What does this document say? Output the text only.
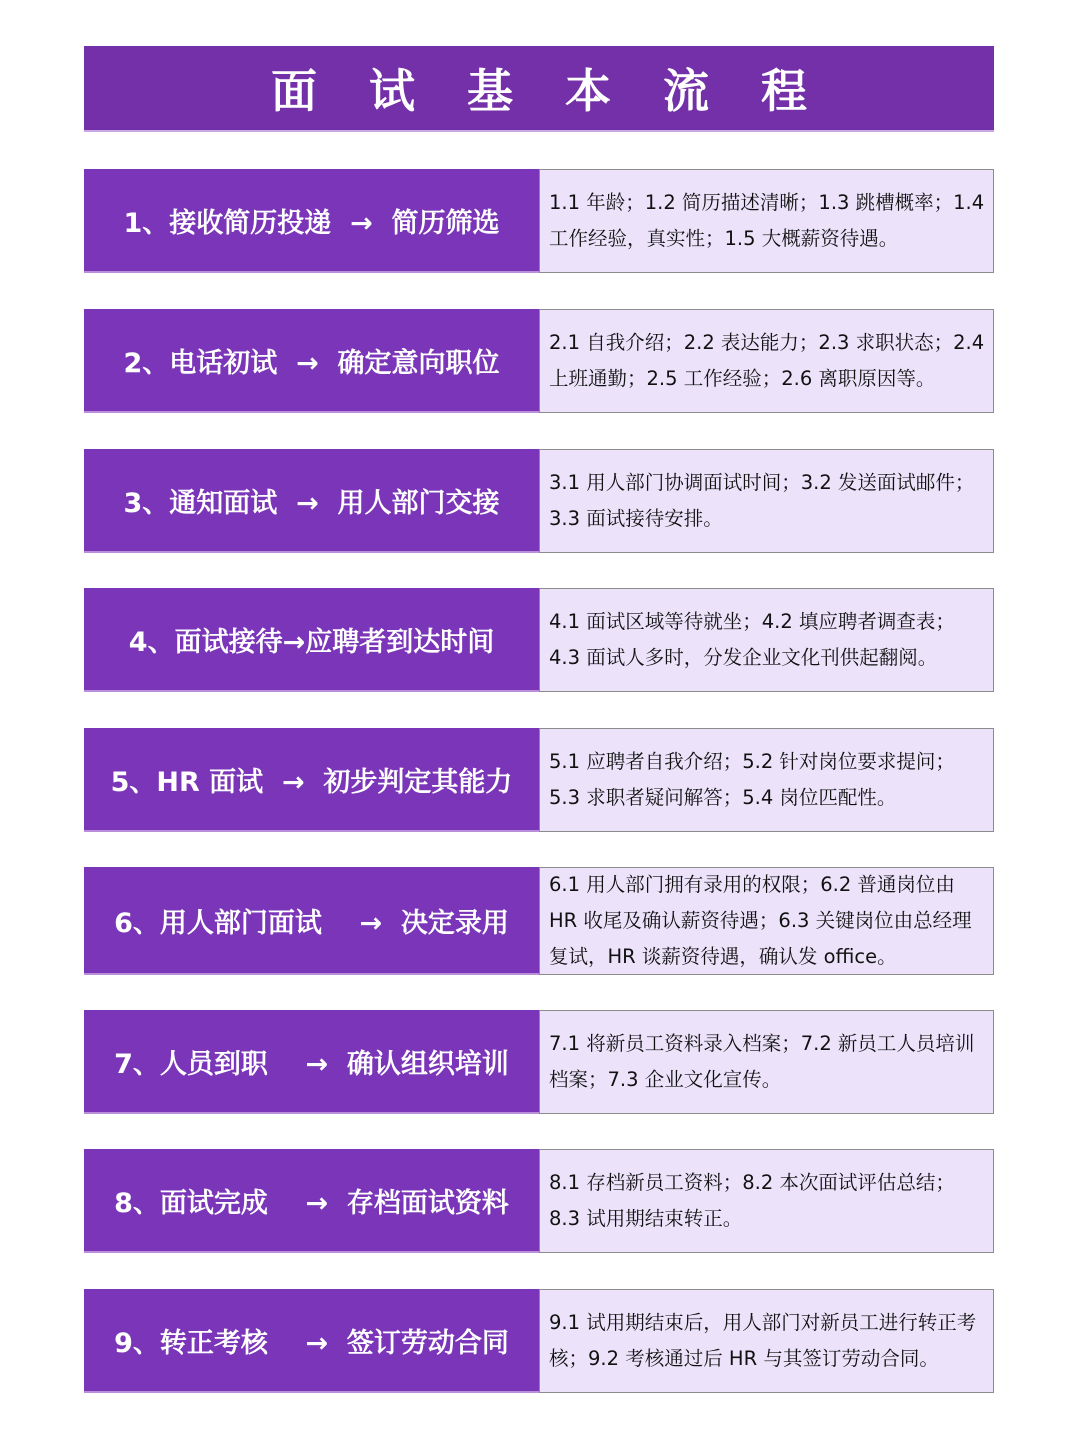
面 试 基 本 流 程
1、接收简历投递  →  简历筛选
1.1 年龄；1.2 简历描述清晰；1.3 跳槽概率；1.4 工作经验，真实性；1.5 大概薪资待遇。
2、电话初试  →  确定意向职位
2.1 自我介绍；2.2 表达能力；2.3 求职状态；2.4 上班通勤；2.5 工作经验；2.6 离职原因等。
3、通知面试  →  用人部门交接
3.1 用人部门协调面试时间；3.2 发送面试邮件；3.3 面试接待安排。
4、面试接待→应聘者到达时间
4.1 面试区域等待就坐；4.2 填应聘者调查表；4.3 面试人多时，分发企业文化刊供起翻阅。
5、HR 面试  →  初步判定其能力
5.1 应聘者自我介绍；5.2 针对岗位要求提问；5.3 求职者疑问解答；5.4 岗位匹配性。
6、用人部门面试    →  决定录用
6.1 用人部门拥有录用的权限；6.2 普通岗位由 HR 收尾及确认薪资待遇；6.3 关键岗位由总经理复试，HR 谈薪资待遇，确认发 office。
7、人员到职    →  确认组织培训
7.1 将新员工资料录入档案；7.2 新员工人员培训档案；7.3 企业文化宣传。
8、面试完成    →  存档面试资料
8.1 存档新员工资料；8.2 本次面试评估总结；8.3 试用期结束转正。
9、转正考核    →  签订劳动合同
9.1 试用期结束后，用人部门对新员工进行转正考核；9.2 考核通过后 HR 与其签订劳动合同。
